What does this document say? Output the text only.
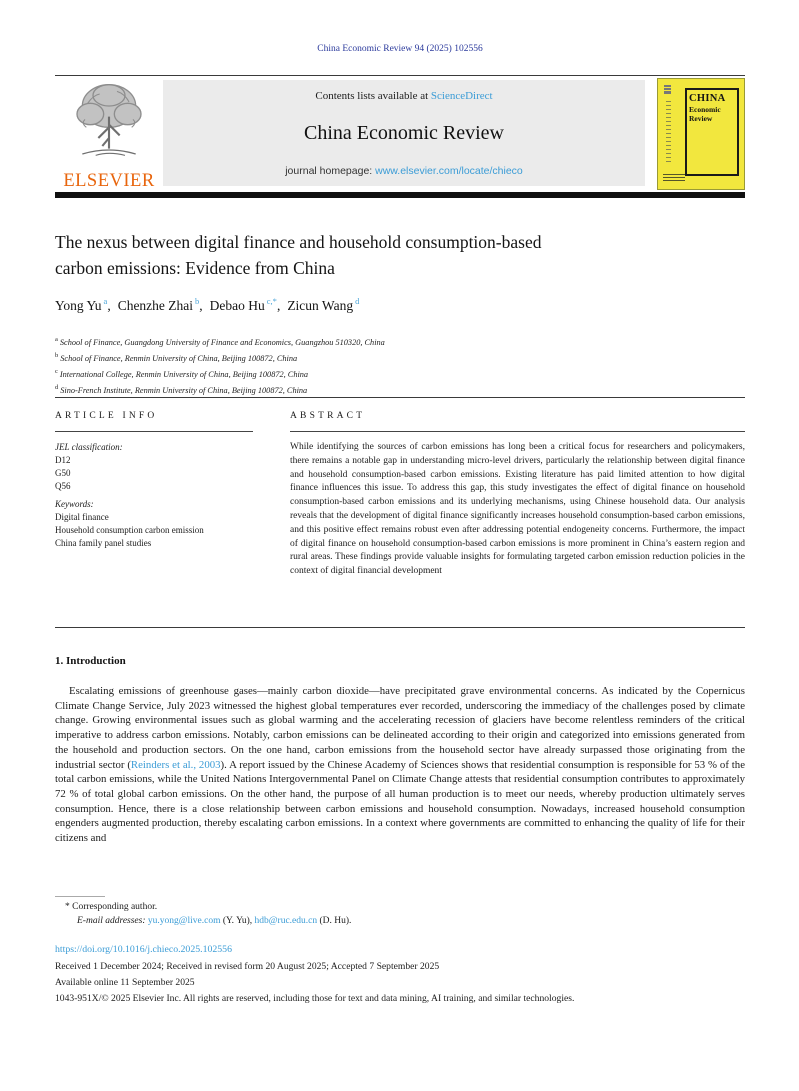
China Economic Review 94 (2025) 102556
ELSEVIER
Contents lists available at ScienceDirect
China Economic Review
journal homepage: www.elsevier.com/locate/chieco
CHINA
Economic
Review
The nexus between digital finance and household consumption-based carbon emissions: Evidence from China
Yong Yu $^a$, Chenzhe Zhai $^b$, Debao Hu $^{c,*}$, Zicun Wang $^d$
$^a$ School of Finance, Guangdong University of Finance and Economics, Guangzhou 510320, China
$^b$ School of Finance, Renmin University of China, Beijing 100872, China
$^c$ International College, Renmin University of China, Beijing 100872, China
$^d$ Sino-French Institute, Renmin University of China, Beijing 100872, China
ARTICLE INFO
JEL classification:
D12
G50
Q56
Keywords:
Digital finance
Household consumption carbon emission
China family panel studies
ABSTRACT
While identifying the sources of carbon emissions has long been a critical focus for researchers and policymakers, there remains a notable gap in understanding micro-level drivers, particularly the relationship between digital finance and household consumption-based carbon emissions. Existing literature has paid limited attention to how digital finance influences this issue. To address this gap, this study investigates the effect of digital finance on household consumption-based carbon emissions and its underlying mechanisms, using Chinese household data. Our analysis reveals that the development of digital finance significantly increases household consumption-based carbon emissions, and this positive effect remains robust even after addressing potential endogeneity concerns. Furthermore, the impact of digital finance on household consumption-based carbon emissions is more prominent in China’s eastern region and rural areas. These findings provide valuable insights for formulating targeted carbon emission reduction policies in the context of digital financial development
1. Introduction

Escalating emissions of greenhouse gases—mainly carbon dioxide—have precipitated grave environmental concerns. As indicated by the Copernicus Climate Change Service, July 2023 witnessed the highest global temperatures ever recorded, underscoring the immediacy of the challenges posed by climate change. Growing environmental issues such as global warming and the accelerating recession of glaciers have become relentless reminders of the critical imperative to address carbon emissions. Notably, carbon emissions can be delineated according to their origin and categorized into emissions generated from the household and production sectors. On the one hand, carbon emissions from the household sector have already surpassed those originating from the industrial sector (Reinders et al., 2003). A report issued by the Chinese Academy of Sciences shows that residential consumption is responsible for 53 % of the total carbon emissions, while the United Nations Intergovernmental Panel on Climate Change attests that residential consumption contributes to approximately 72 % of total global carbon emissions. On the other hand, the purpose of all human production is to meet our needs, whereby production ultimately serves consumption. Hence, there is a close relationship between carbon emissions and household consumption. Nowadays, increased household consumption engenders augmented production, thereby escalating carbon emissions. In a context where governments are committed to enhancing the quality of life for their citizens and

* Corresponding author.
E-mail addresses: yu.yong@live.com (Y. Yu), hdb@ruc.edu.cn (D. Hu).
https://doi.org/10.1016/j.chieco.2025.102556
Received 1 December 2024; Received in revised form 20 August 2025; Accepted 7 September 2025
Available online 11 September 2025
1043-951X/© 2025 Elsevier Inc. All rights are reserved, including those for text and data mining, AI training, and similar technologies.
